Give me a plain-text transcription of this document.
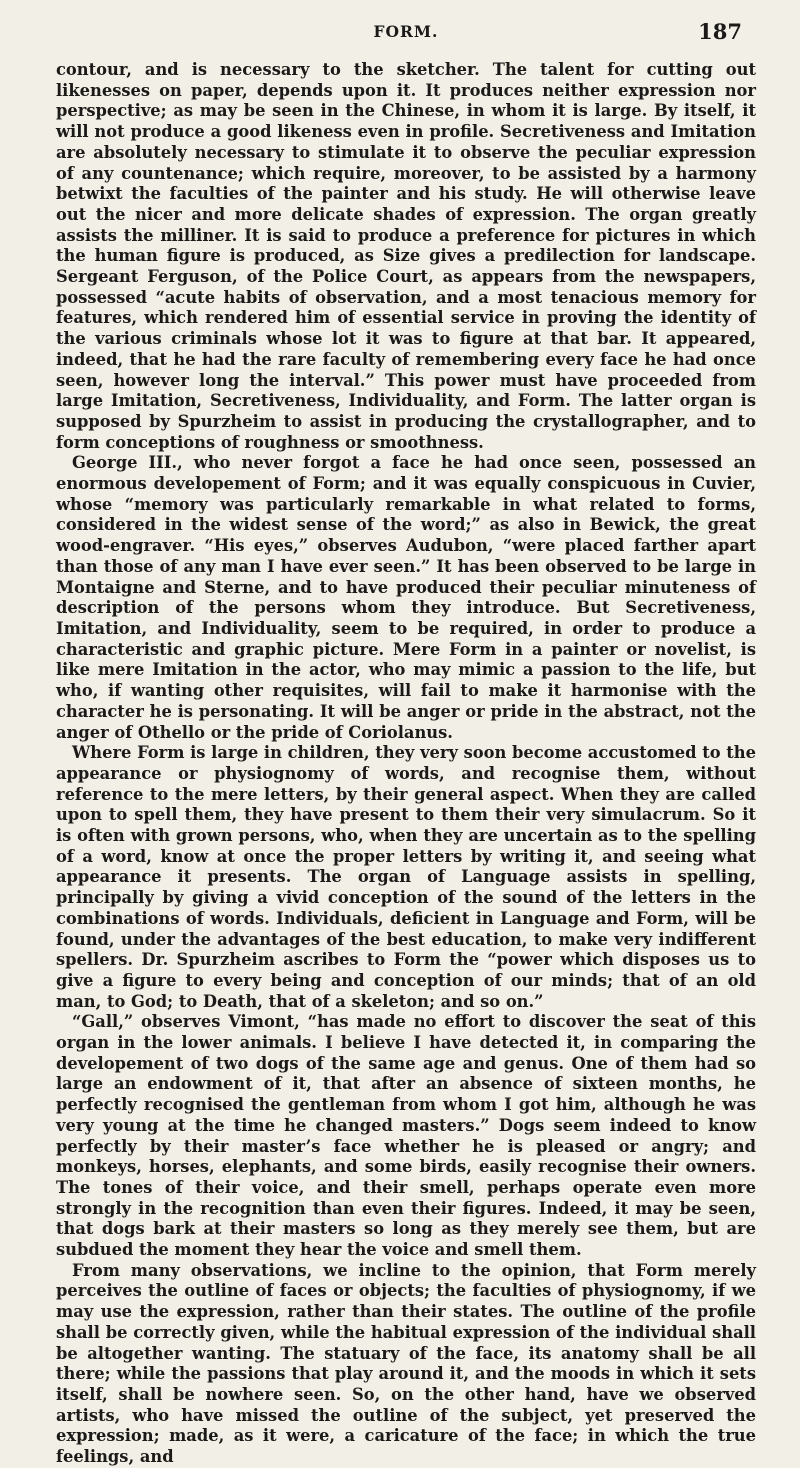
FORM.	187

contour, and is necessary to the sketcher. The talent for cutting out likenesses on paper, depends upon it. It produces neither expression nor perspective; as may be seen in the Chinese, in whom it is large. By itself, it will not produce a good likeness even in profile. Secretiveness and Imitation are absolutely necessary to stimulate it to observe the peculiar expression of any countenance; which require, moreover, to be assisted by a harmony betwixt the faculties of the painter and his study. He will otherwise leave out the nicer and more delicate shades of expression. The organ greatly assists the milliner. It is said to produce a preference for pictures in which the human figure is produced, as Size gives a predilection for landscape. Sergeant Ferguson, of the Police Court, as appears from the newspapers, possessed “acute habits of observation, and a most tenacious memory for features, which rendered him of essential service in proving the identity of the various criminals whose lot it was to figure at that bar. It appeared, indeed, that he had the rare faculty of remembering every face he had once seen, however long the interval.” This power must have proceeded from large Imitation, Secretiveness, Individuality, and Form. The latter organ is supposed by Spurzheim to assist in producing the crystallographer, and to form conceptions of roughness or smoothness.

George III., who never forgot a face he had once seen, possessed an enormous developement of Form; and it was equally conspicuous in Cuvier, whose “memory was particularly remarkable in what related to forms, considered in the widest sense of the word;” as also in Bewick, the great wood-engraver. “His eyes,” observes Audubon, “were placed farther apart than those of any man I have ever seen.” It has been observed to be large in Montaigne and Sterne, and to have produced their peculiar minuteness of description of the persons whom they introduce. But Secretiveness, Imitation, and Individuality, seem to be required, in order to produce a characteristic and graphic picture. Mere Form in a painter or novelist, is like mere Imitation in the actor, who may mimic a passion to the life, but who, if wanting other requisites, will fail to make it harmonise with the character he is personating. It will be anger or pride in the abstract, not the anger of Othello or the pride of Coriolanus.

Where Form is large in children, they very soon become accustomed to the appearance or physiognomy of words, and recognise them, without reference to the mere letters, by their general aspect. When they are called upon to spell them, they have present to them their very simulacrum. So it is often with grown persons, who, when they are uncertain as to the spelling of a word, know at once the proper letters by writing it, and seeing what appearance it presents. The organ of Language assists in spelling, principally by giving a vivid conception of the sound of the letters in the combinations of words. Individuals, deficient in Language and Form, will be found, under the advantages of the best education, to make very indifferent spellers. Dr. Spurzheim ascribes to Form the “power which disposes us to give a figure to every being and conception of our minds; that of an old man, to God; to Death, that of a skeleton; and so on.”

“Gall,” observes Vimont, “has made no effort to discover the seat of this organ in the lower animals. I believe I have detected it, in comparing the developement of two dogs of the same age and genus. One of them had so large an endowment of it, that after an absence of sixteen months, he perfectly recognised the gentleman from whom I got him, although he was very young at the time he changed masters.” Dogs seem indeed to know perfectly by their master’s face whether he is pleased or angry; and monkeys, horses, elephants, and some birds, easily recognise their owners. The tones of their voice, and their smell, perhaps operate even more strongly in the recognition than even their figures. Indeed, it may be seen, that dogs bark at their masters so long as they merely see them, but are subdued the moment they hear the voice and smell them.

From many observations, we incline to the opinion, that Form merely perceives the outline of faces or objects; the faculties of physiognomy, if we may use the expression, rather than their states. The outline of the profile shall be correctly given, while the habitual expression of the individual shall be altogether wanting. The statuary of the face, its anatomy shall be all there; while the passions that play around it, and the moods in which it sets itself, shall be nowhere seen. So, on the other hand, have we observed artists, who have missed the outline of the subject, yet preserved the expression; made, as it were, a caricature of the face; in which the true feelings, and
